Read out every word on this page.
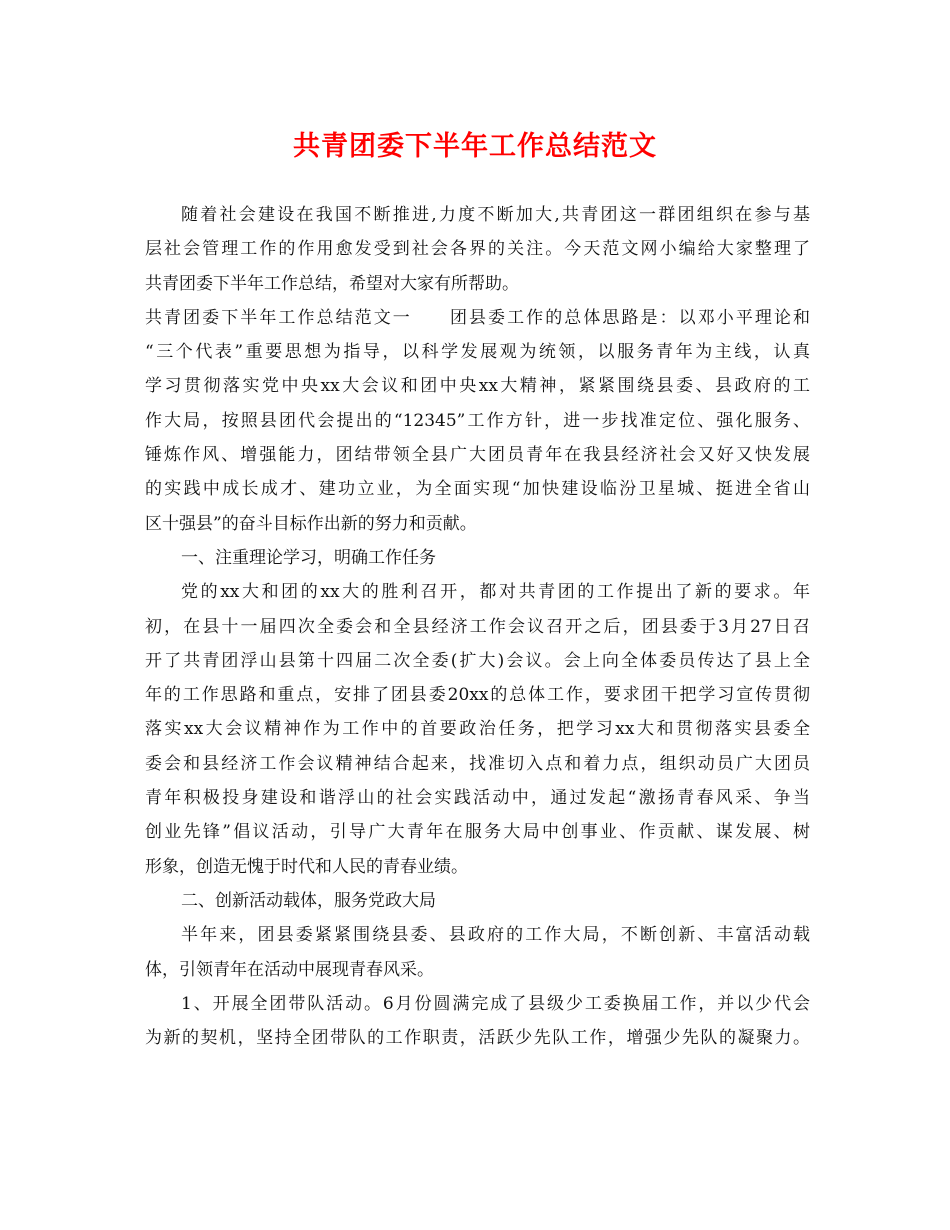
共青团委下半年工作总结范文
随着社会建设在我国不断推进,力度不断加大,共青团这一群团组织在参与基
层社会管理工作的作用愈发受到社会各界的关注。今天范文网小编给大家整理了
共青团委下半年工作总结，希望对大家有所帮助。
共青团委下半年工作总结范文一　　团县委工作的总体思路是：以邓小平理论和
“三个代表”重要思想为指导，以科学发展观为统领，以服务青年为主线，认真
学习贯彻落实党中央xx大会议和团中央xx大精神，紧紧围绕县委、县政府的工
作大局，按照县团代会提出的“12345”工作方针，进一步找准定位、强化服务、
锤炼作风、增强能力，团结带领全县广大团员青年在我县经济社会又好又快发展
的实践中成长成才、建功立业，为全面实现“加快建设临汾卫星城、挺进全省山
区十强县”的奋斗目标作出新的努力和贡献。
一、注重理论学习，明确工作任务
党的xx大和团的xx大的胜利召开，都对共青团的工作提出了新的要求。年
初，在县十一届四次全委会和全县经济工作会议召开之后，团县委于3月27日召
开了共青团浮山县第十四届二次全委(扩大)会议。会上向全体委员传达了县上全
年的工作思路和重点，安排了团县委20xx的总体工作，要求团干把学习宣传贯彻
落实xx大会议精神作为工作中的首要政治任务，把学习xx大和贯彻落实县委全
委会和县经济工作会议精神结合起来，找准切入点和着力点，组织动员广大团员
青年积极投身建设和谐浮山的社会实践活动中，通过发起“激扬青春风采、争当
创业先锋”倡议活动，引导广大青年在服务大局中创事业、作贡献、谋发展、树
形象，创造无愧于时代和人民的青春业绩。
二、创新活动载体，服务党政大局
半年来，团县委紧紧围绕县委、县政府的工作大局，不断创新、丰富活动载
体，引领青年在活动中展现青春风采。
1、开展全团带队活动。6月份圆满完成了县级少工委换届工作，并以少代会
为新的契机，坚持全团带队的工作职责，活跃少先队工作，增强少先队的凝聚力。
